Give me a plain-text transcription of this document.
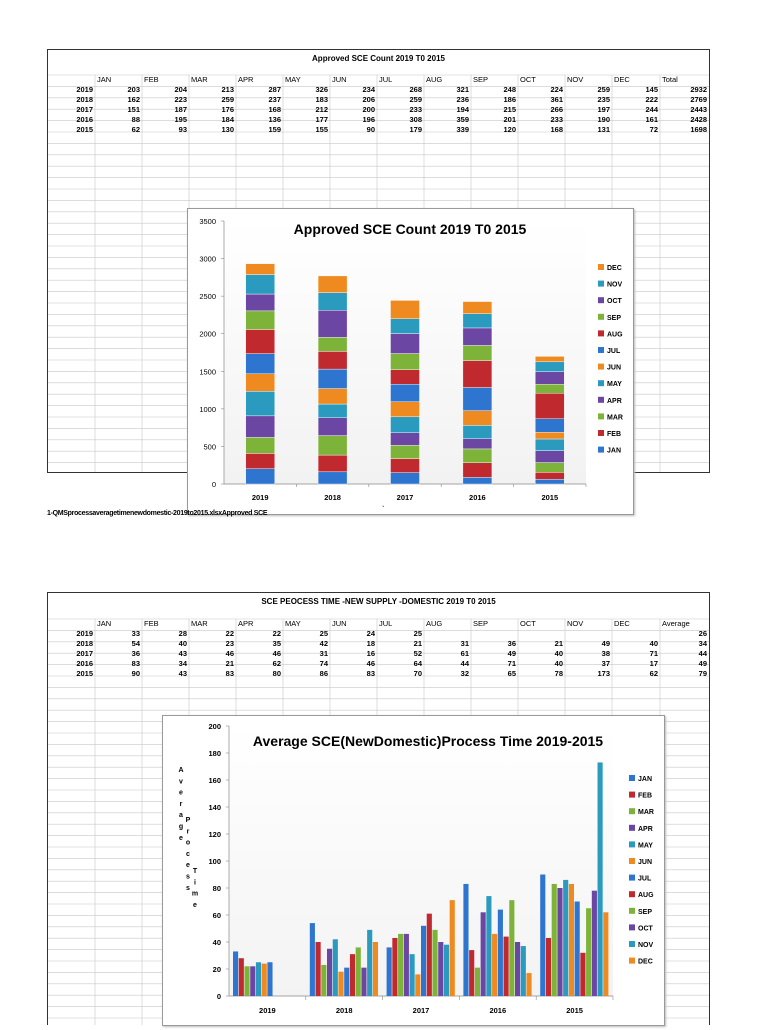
Approved SCE Count 2019 T0 2015
	JAN	FEB	MAR	APR	MAY	JUN	JUL	AUG	SEP	OCT	NOV	DEC	Total
2019	203	204	213	287	326	234	268	321	248	224	259	145	2932
2018	162	223	259	237	183	206	259	236	186	361	235	222	2769
2017	151	187	176	168	212	200	233	194	215	266	197	244	2443
2016	88	195	184	136	177	196	308	359	201	233	190	161	2428
2015	62	93	130	159	155	90	179	339	120	168	131	72	1698
Approved SCE Count 2019 T0 2015
0
500
1000
1500
2000
2500
3000
3500
2019	2018	2017	2016	2015
DEC
NOV
OCT
SEP
AUG
JUL
JUN
MAY
APR
MAR
FEB
JAN
1-QMSprocessaveragetimenewdomestic-2019to2015.xlsxApproved SCE	`
SCE PEOCESS TIME -NEW SUPPLY -DOMESTIC 2019 T0 2015
	JAN	FEB	MAR	APR	MAY	JUN	JUL	AUG	SEP	OCT	NOV	DEC	Average
2019	33	28	22	22	25	24	25						26
2018	54	40	23	35	42	18	21	31	36	21	49	40	34
2017	36	43	46	46	31	16	52	61	49	40	38	71	44
2016	83	34	21	62	74	46	64	44	71	40	37	17	49
2015	90	43	83	80	86	83	70	32	65	78	173	62	79
Average SCE(NewDomestic)Process Time 2019-2015
A
v
e
r
a
g
e
P
r
o
c
e
s
s
T
i
m
e
0
20
40
60
80
100
120
140
160
180
200
2019	2018	2017	2016	2015
JAN
FEB
MAR
APR
MAY
JUN
JUL
AUG
SEP
OCT
NOV
DEC
